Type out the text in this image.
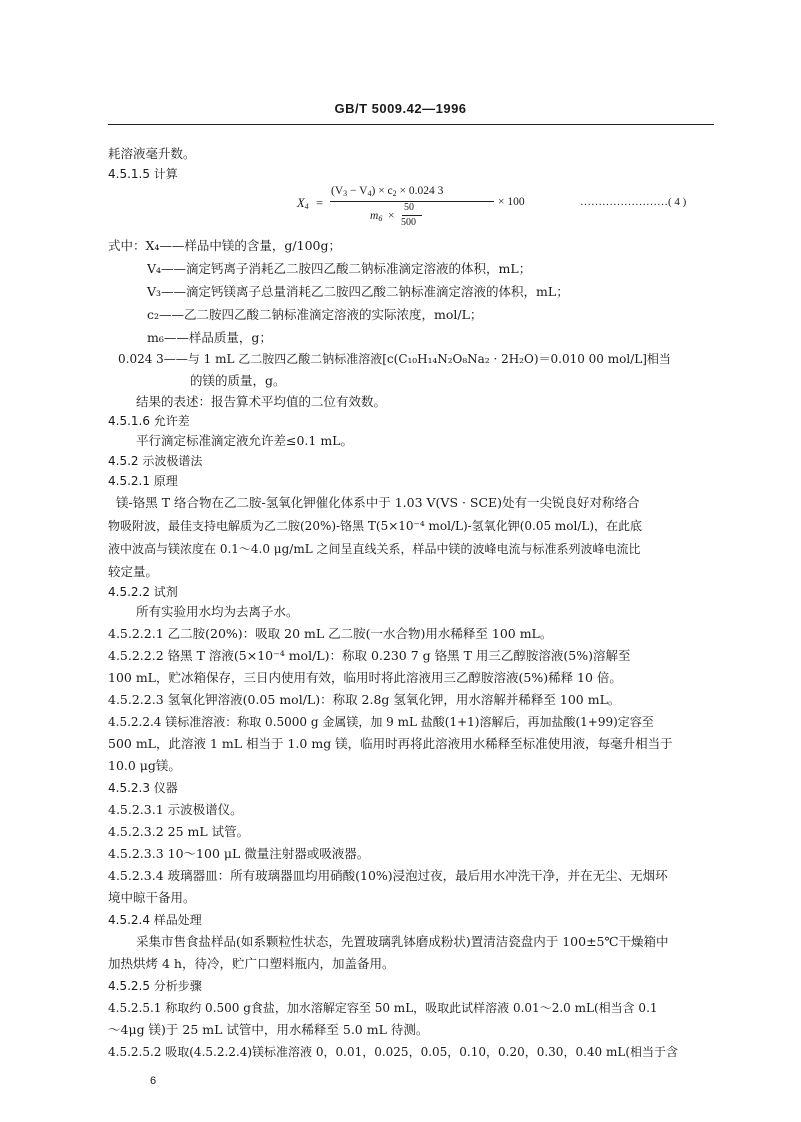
GB/T 5009.42—1996
耗溶液毫升数。
4.5.1.5 计算
$X_4$ =
$(V_3 - V_4) \times c_2 \times 0.024$ 3
$m_6$ ×
50
500
× 100	……………………( 4 )
式中：X₄——样品中镁的含量，g/100g；
V₄——滴定钙离子消耗乙二胺四乙酸二钠标准滴定溶液的体积，mL；
V₃——滴定钙镁离子总量消耗乙二胺四乙酸二钠标准滴定溶液的体积，mL；
c₂——乙二胺四乙酸二钠标准滴定溶液的实际浓度，mol/L；
m₆——样品质量，g；
0.024 3——与 1 mL 乙二胺四乙酸二钠标准溶液[c(C₁₀H₁₄N₂O₈Na₂ · 2H₂O)＝0.010 00 mol/L]相当
的镁的质量，g。
结果的表述：报告算术平均值的二位有效数。
4.5.1.6 允许差
平行滴定标准滴定液允许差≤0.1 mL。
4.5.2 示波极谱法
4.5.2.1 原理
镁-铬黑 T 络合物在乙二胺-氢氧化钾催化体系中于 1.03 V(VS · SCE)处有一尖锐良好对称络合
物吸附波，最佳支持电解质为乙二胺(20%)-铬黑 T(5×10⁻⁴ mol/L)-氢氧化钾(0.05 mol/L)，在此底
液中波高与镁浓度在 0.1～4.0 μg/mL 之间呈直线关系，样品中镁的波峰电流与标准系列波峰电流比
较定量。
4.5.2.2 试剂
所有实验用水均为去离子水。
4.5.2.2.1 乙二胺(20%)：吸取 20 mL 乙二胺(一水合物)用水稀释至 100 mL。
4.5.2.2.2 铬黑 T 溶液(5×10⁻⁴ mol/L)：称取 0.230 7 g 铬黑 T 用三乙醇胺溶液(5%)溶解至
100 mL，贮冰箱保存，三日内使用有效，临用时将此溶液用三乙醇胺溶液(5%)稀释 10 倍。
4.5.2.2.3 氢氧化钾溶液(0.05 mol/L)：称取 2.8g 氢氧化钾，用水溶解并稀释至 100 mL。
4.5.2.2.4 镁标准溶液：称取 0.5000 g 金属镁，加 9 mL 盐酸(1+1)溶解后，再加盐酸(1+99)定容至
500 mL，此溶液 1 mL 相当于 1.0 mg 镁，临用时再将此溶液用水稀释至标准使用液，每毫升相当于
10.0 μg镁。
4.5.2.3 仪器
4.5.2.3.1 示波极谱仪。
4.5.2.3.2 25 mL 试管。
4.5.2.3.3 10～100 μL 微量注射器或吸液器。
4.5.2.3.4 玻璃器皿：所有玻璃器皿均用硝酸(10%)浸泡过夜，最后用水冲洗干净，并在无尘、无烟环
境中晾干备用。
4.5.2.4 样品处理
采集市售食盐样品(如系颗粒性状态，先置玻璃乳钵磨成粉状)置清洁瓷盘内于 100±5℃干燥箱中
加热烘烤 4 h，待冷，贮广口塑料瓶内，加盖备用。
4.5.2.5 分析步骤
4.5.2.5.1 称取约 0.500 g食盐，加水溶解定容至 50 mL，吸取此试样溶液 0.01～2.0 mL(相当含 0.1
～4μg 镁)于 25 mL 试管中，用水稀释至 5.0 mL 待测。
4.5.2.5.2 吸取(4.5.2.2.4)镁标准溶液 0，0.01，0.025，0.05，0.10，0.20，0.30，0.40 mL(相当于含
6
